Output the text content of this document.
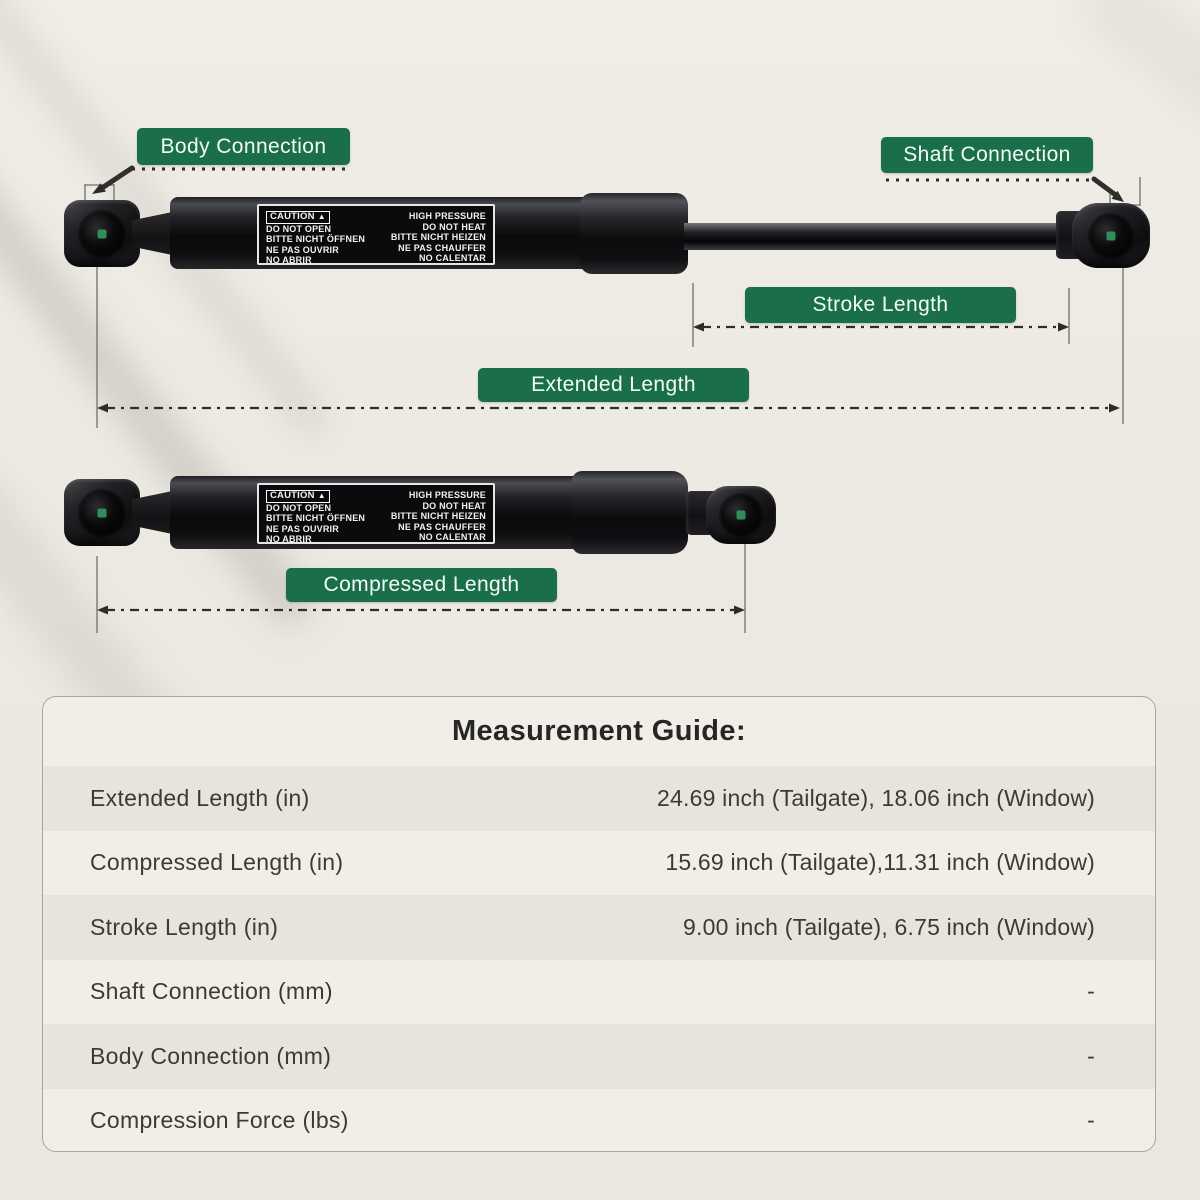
CAUTION ▲
DO NOT OPEN
BITTE NICHT ÖFFNEN
NE PAS OUVRIR
NO ABRIR
HIGH PRESSURE
DO NOT HEAT
BITTE NICHT HEIZEN
NE PAS CHAUFFER
NO CALENTAR
CAUTION ▲
DO NOT OPEN
BITTE NICHT ÖFFNEN
NE PAS OUVRIR
NO ABRIR
HIGH PRESSURE
DO NOT HEAT
BITTE NICHT HEIZEN
NE PAS CHAUFFER
NO CALENTAR
Body Connection	Shaft Connection
Stroke Length
Extended Length
Compressed Length
Measurement Guide:
Extended Length (in)	24.69 inch (Tailgate), 18.06 inch (Window)
Compressed Length (in)	15.69 inch (Tailgate),11.31 inch (Window)
Stroke Length (in)	9.00 inch (Tailgate), 6.75 inch (Window)
Shaft Connection (mm)	-
Body Connection (mm)	-
Compression Force (lbs)	-
